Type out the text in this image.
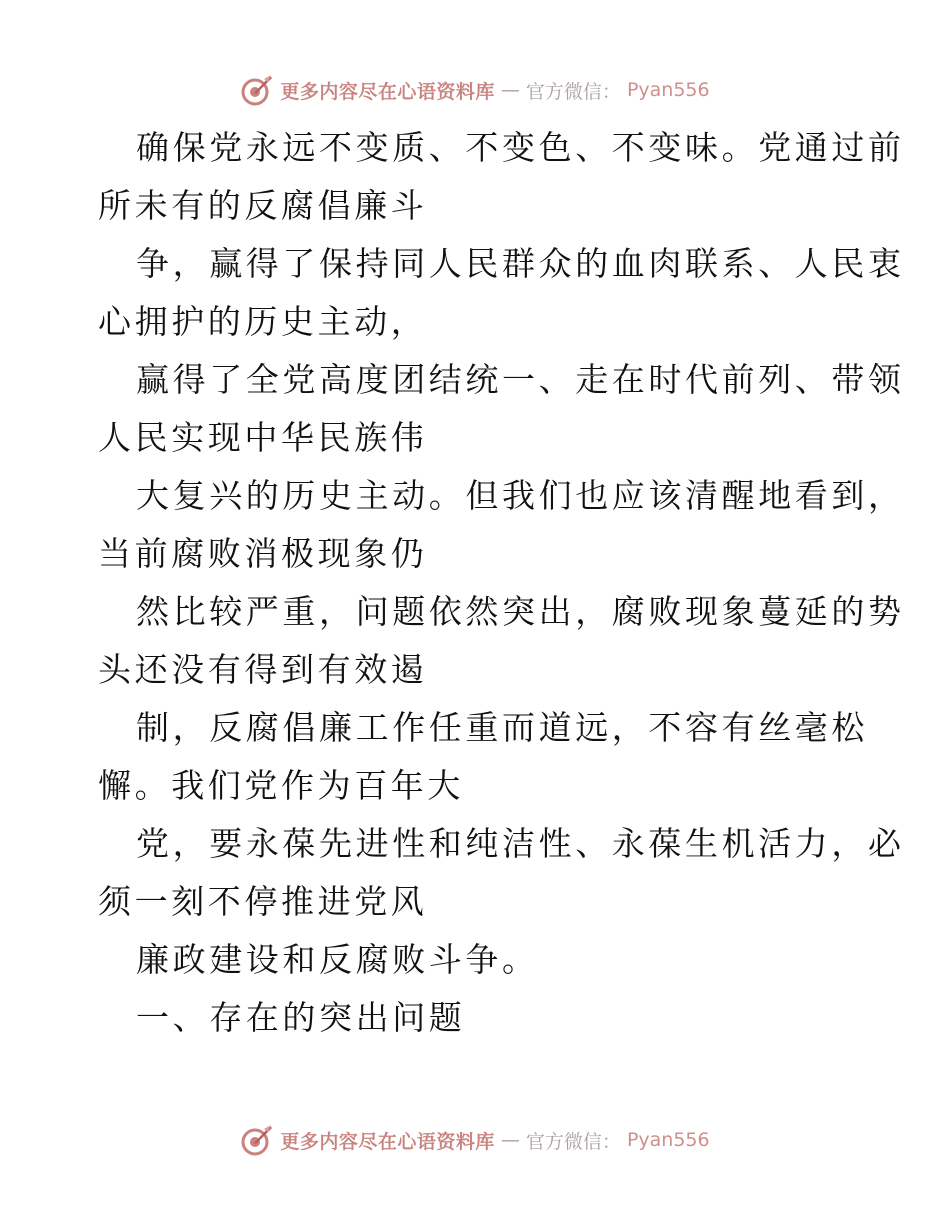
更多内容尽在心语资料库 — 官方微信： Pyan556
确保党永远不变质、不变色、不变味。党通过前
所未有的反腐倡廉斗
争，赢得了保持同人民群众的血肉联系、人民衷
心拥护的历史主动，
赢得了全党高度团结统一、走在时代前列、带领
人民实现中华民族伟
大复兴的历史主动。但我们也应该清醒地看到，
当前腐败消极现象仍
然比较严重，问题依然突出，腐败现象蔓延的势
头还没有得到有效遏
制，反腐倡廉工作任重而道远，不容有丝毫松
懈。我们党作为百年大
党，要永葆先进性和纯洁性、永葆生机活力，必
须一刻不停推进党风
廉政建设和反腐败斗争。
一、存在的突出问题
更多内容尽在心语资料库 — 官方微信： Pyan556
